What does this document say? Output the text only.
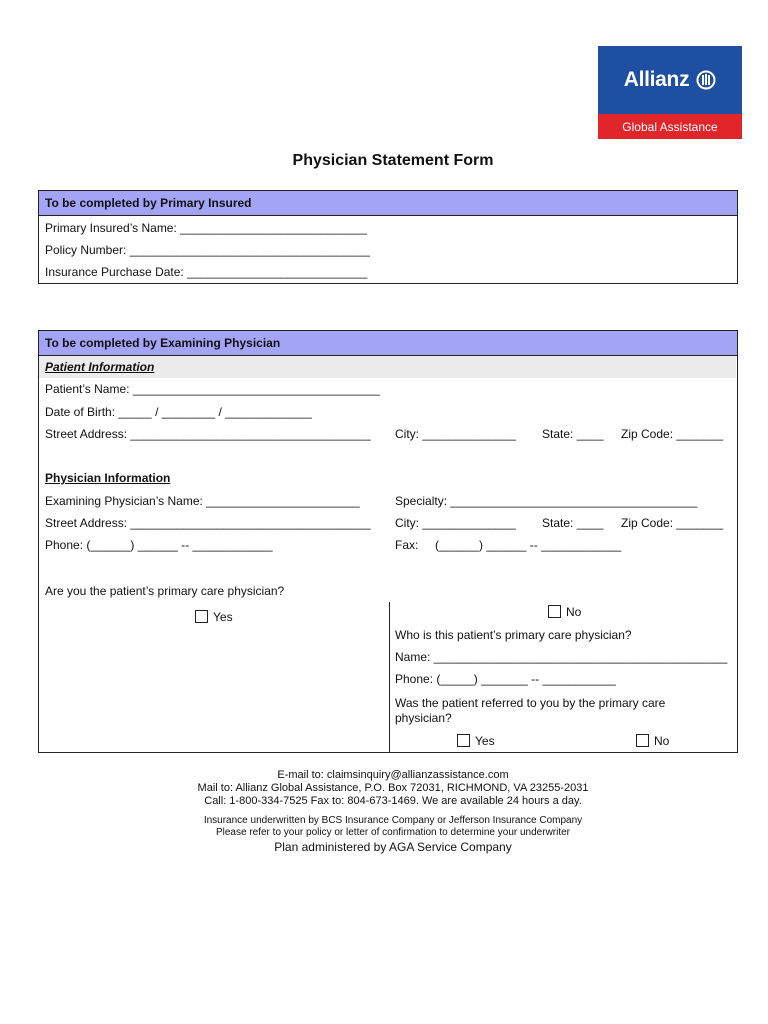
Allianz
Global Assistance
Physician Statement Form
To be completed by Primary Insured
Primary Insured’s Name: ____________________________
Policy Number: ____________________________________
Insurance Purchase Date: ___________________________
To be completed by Examining Physician
Patient Information
Patient’s Name: _____________________________________
Date of Birth: _____ / ________ / _____________
Street Address: ____________________________________ City: ______________ State: ____ Zip Code: _______
Physician Information
Examining Physician’s Name: _______________________	Specialty: _____________________________________
Street Address: ____________________________________ City: ______________ State: ____ Zip Code: _______
Phone: (______) ______ -- ____________	Fax:     (______) ______ -- ____________
Are you the patient’s primary care physician?
Yes	No
Who is this patient’s primary care physician?
Name: ____________________________________________
Phone: (_____) _______ -- ___________
Was the patient referred to you by the primary care physician?
Yes	No
E-mail to: claimsinquiry@allianzassistance.com
Mail to: Allianz Global Assistance, P.O. Box 72031, RICHMOND, VA 23255-2031
Call: 1-800-334-7525 Fax to: 804-673-1469. We are available 24 hours a day.
Insurance underwritten by BCS Insurance Company or Jefferson Insurance Company
Please refer to your policy or letter of confirmation to determine your underwriter
Plan administered by AGA Service Company
